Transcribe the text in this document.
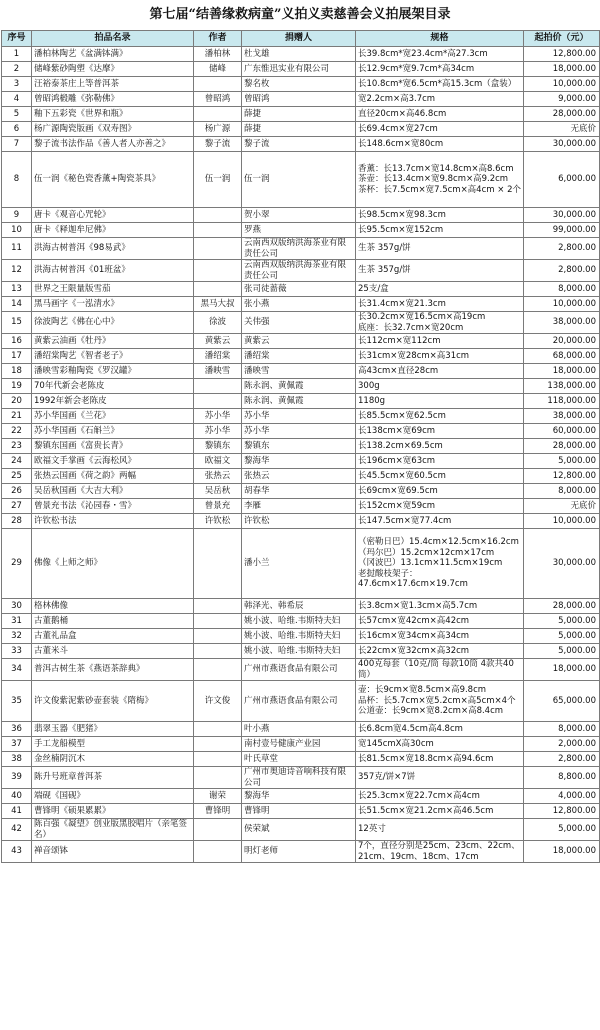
第七届“结善缘救病童”义拍义卖慈善会义拍展架目录
序号	拍品名录	作者	捐赠人	规格	起拍价（元）
1	潘柏林陶艺《盆满钵满》	潘柏林	杜戈雄	长39.8cm*宽23.4cm*高27.3cm	12,800.00
2	储峰紫砂陶塑《达摩》	储峰	广东惟迅实业有限公司	长12.9cm*宽9.7cm*高34cm	18,000.00
3	汪裕泰茶庄上等普洱茶		黎名枚	长10.8cm*宽6.5cm*高15.3cm（盒装）	10,000.00
4	曾昭鸿椴雕《弥勒佛》	曾昭鸿	曾昭鸿	宽2.2cm×高3.7cm	9,000.00
5	釉下五彩瓷《世界和瓶》		薛捷	直径20cm×高46.8cm	28,000.00
6	杨广源陶瓷版画《双寿图》	杨广源	薛捷	长69.4cm×宽27cm	无底价
7	黎子流书法作品《善人者人亦善之》	黎子流	黎子流	长148.6cm×宽80cm	30,000.00
8	伍一润《秘色瓷香薰+陶瓷茶具》	伍一润	伍一润	香薰：长13.7cm×宽14.8cm×高8.6cm
茶壶：长13.4cm×宽9.8cm×高9.2cm
茶杯：长7.5cm×宽7.5cm×高4cm × 2个	6,000.00
9	唐卡《观音心咒轮》		贺小翠	长98.5cm×宽98.3cm	30,000.00
10	唐卡《释迦牟尼佛》		罗燕	长95.5cm×宽152cm	99,000.00
11	洪海古树普洱《98易武》		云南西双版纳洪海茶业有限责任公司	生茶 357g/饼	2,800.00
12	洪海古树普洱《01班盆》		云南西双版纳洪海茶业有限责任公司	生茶 357g/饼	2,800.00
13	世界之王限量版雪茄		张司徒蔷薇	25支/盒	8,000.00
14	黑马画字《一泓清水》	黑马大叔	张小燕	长31.4cm×宽21.3cm	10,000.00
15	徐波陶艺《佛在心中》	徐波	关伟强	长30.2cm×宽16.5cm×高19cm
底座：长32.7cm×宽20cm	38,000.00
16	黄紫云油画《牡丹》	黄紫云	黄紫云	长112cm×宽112cm	20,000.00
17	潘绍棠陶艺《智者老子》	潘绍棠	潘绍棠	长31cm×宽28cm×高31cm	68,000.00
18	潘映雪彩釉陶瓷《罗汉罐》	潘映雪	潘映雪	高43cm×直径28cm	18,000.00
19	70年代新会老陈皮		陈永润、黄佩霞	300g	138,000.00
20	1992年新会老陈皮		陈永润、黄佩霞	1180g	118,000.00
21	苏小华国画《兰花》	苏小华	苏小华	长85.5cm×宽62.5cm	38,000.00
22	苏小华国画《石斛兰》	苏小华	苏小华	长138cm×宽69cm	60,000.00
23	黎镇东国画《富贵长青》	黎镇东	黎镇东	长138.2cm×69.5cm	28,000.00
24	欧福文手掌画《云海松风》	欧福文	黎海华	长196cm×宽63cm	5,000.00
25	张热云国画《荷之韵》两幅	张热云	张热云	长45.5cm×宽60.5cm	12,800.00
26	吴岳秋国画《大吉大利》	吴岳秋	胡春华	长69cm×宽69.5cm	8,000.00
27	曾景充书法《沁园春・雪》	曾景充	李雁	长152cm×宽59cm	无底价
28	许钦松书法	许钦松	许钦松	长147.5cm×宽77.4cm	10,000.00
29	佛像《上师之师》		潘小兰	（密勒日巴）15.4cm×12.5cm×16.2cm
（玛尔巴）15.2cm×12cm×17cm
（冈波巴）13.1cm×11.5cm×19cm
老挝酸枝架子：
47.6cm×17.6cm×19.7cm	30,000.00
30	格林佛像		韩泽光、韩希辰	长3.8cm×宽1.3cm×高5.7cm	28,000.00
31	古董鹅桶		姚小波、哈维.韦斯特夫妇	长57cm×宽42cm×高42cm	5,000.00
32	古董礼品盒		姚小波、哈维.韦斯特夫妇	长16cm×宽34cm×高34cm	5,000.00
33	古董米斗		姚小波、哈维.韦斯特夫妇	长22cm×宽32cm×高32cm	5,000.00
34	普洱古树生茶《燕语茶辞典》		广州市燕语食品有限公司	400克每套（10克/筒 每款10筒 4款共40筒）	18,000.00
35	许文俊紫泥紫砂壶套装《隋梅》	许文俊	广州市燕语食品有限公司	壶：长9cm×宽8.5cm×高9.8cm
品杯：长5.7cm×宽5.2cm×高5cm×4个
公道壶：长9cm×宽8.2cm×高8.4cm	65,000.00
36	翡翠玉器《肥猪》		叶小燕	长6.8cm宽4.5cm高4.8cm	8,000.00
37	手工龙船模型		南村壹号健康产业园	宽145cmX高30cm	2,000.00
38	金丝楠阴沉木		叶氏草堂	长81.5cm×宽18.8cm×高94.6cm	2,800.00
39	陈升号班章普洱茶		广州市奥迪诗音响科技有限公司	357克/饼×7饼	8,800.00
40	端砚《国砚》	谢荣	黎海华	长25.3cm×宽22.7cm×高4cm	4,000.00
41	曹锋明《硕果累累》	曹锋明	曹锋明	长51.5cm×宽21.2cm×高46.5cm	12,800.00
42	陈百强《凝望》创业版黑胶唱片（亲笔签名）		侯荣斌	12英寸	5,000.00
43	禅音颂钵		明灯老师	7个，直径分别是25cm、23cm、22cm、21cm、19cm、18cm、17cm	18,000.00
